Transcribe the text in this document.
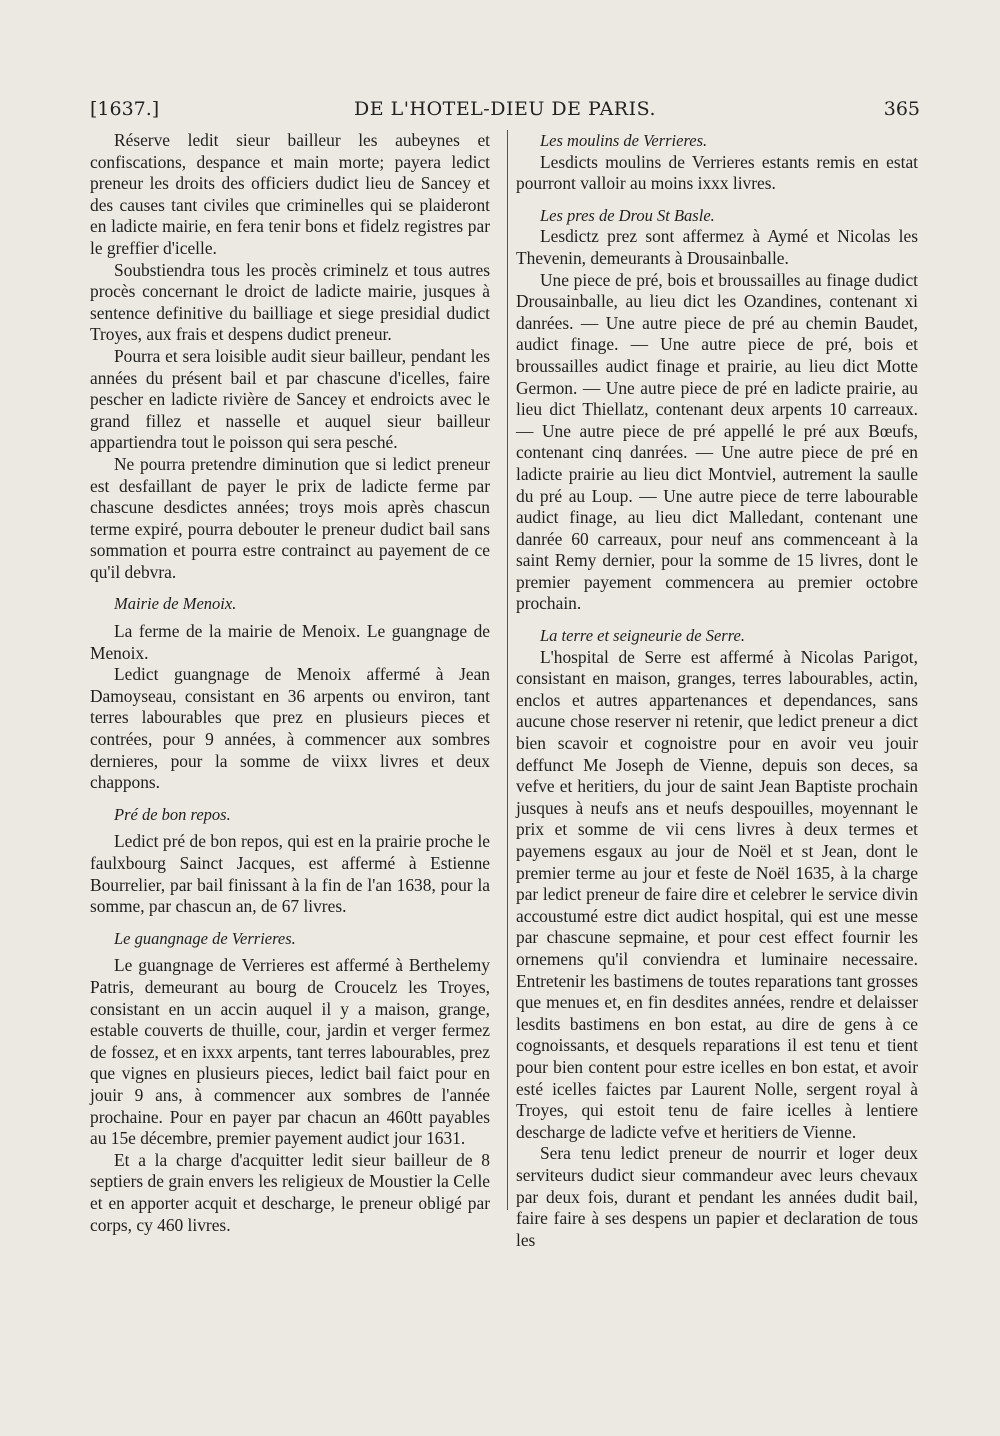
[1637.]	DE L'HOTEL-DIEU DE PARIS.	365

Réserve ledit sieur bailleur les aubeynes et confiscations, despance et main morte; payera ledict preneur les droits des officiers dudict lieu de Sancey et des causes tant civiles que criminelles qui se plaideront en ladicte mairie, en fera tenir bons et fidelz registres par le greffier d'icelle.

Soubstiendra tous les procès criminelz et tous autres procès concernant le droict de ladicte mairie, jusques à sentence definitive du bailliage et siege presidial dudict Troyes, aux frais et despens dudict preneur.

Pourra et sera loisible audit sieur bailleur, pendant les années du présent bail et par chascune d'icelles, faire pescher en ladicte rivière de Sancey et endroicts avec le grand fillez et nasselle et auquel sieur bailleur appartiendra tout le poisson qui sera pesché.

Ne pourra pretendre diminution que si ledict preneur est desfaillant de payer le prix de ladicte ferme par chascune desdictes années; troys mois après chascun terme expiré, pourra debouter le preneur dudict bail sans sommation et pourra estre contrainct au payement de ce qu'il debvra.

Mairie de Menoix.

La ferme de la mairie de Menoix. Le guangnage de Menoix.

Ledict guangnage de Menoix affermé à Jean Damoyseau, consistant en 36 arpents ou environ, tant terres labourables que prez en plusieurs pieces et contrées, pour 9 années, à commencer aux sombres dernieres, pour la somme de viixx livres et deux chappons.

Pré de bon repos.

Ledict pré de bon repos, qui est en la prairie proche le faulxbourg Sainct Jacques, est affermé à Estienne Bourrelier, par bail finissant à la fin de l'an 1638, pour la somme, par chascun an, de 67 livres.

Le guangnage de Verrieres.

Le guangnage de Verrieres est affermé à Berthelemy Patris, demeurant au bourg de Croucelz les Troyes, consistant en un accin auquel il y a maison, grange, estable couverts de thuille, cour, jardin et verger fermez de fossez, et en ixxx arpents, tant terres labourables, prez que vignes en plusieurs pieces, ledict bail faict pour en jouir 9 ans, à commencer aux sombres de l'année prochaine. Pour en payer par chacun an 460tt payables au 15e décembre, premier payement audict jour 1631.

Et a la charge d'acquitter ledit sieur bailleur de 8 septiers de grain envers les religieux de Moustier la Celle et en apporter acquit et descharge, le preneur obligé par corps, cy 460 livres.

Les moulins de Verrieres.

Lesdicts moulins de Verrieres estants remis en estat pourront valloir au moins ixxx livres.

Les pres de Drou St Basle.

Lesdictz prez sont affermez à Aymé et Nicolas les Thevenin, demeurants à Drousainballe.

Une piece de pré, bois et broussailles au finage dudict Drousainballe, au lieu dict les Ozandines, contenant xi danrées. — Une autre piece de pré au chemin Baudet, audict finage. — Une autre piece de pré, bois et broussailles audict finage et prairie, au lieu dict Motte Germon. — Une autre piece de pré en ladicte prairie, au lieu dict Thiellatz, contenant deux arpents 10 carreaux. — Une autre piece de pré appellé le pré aux Bœufs, contenant cinq danrées. — Une autre piece de pré en ladicte prairie au lieu dict Montviel, autrement la saulle du pré au Loup. — Une autre piece de terre labourable audict finage, au lieu dict Malledant, contenant une danrée 60 carreaux, pour neuf ans commenceant à la saint Remy dernier, pour la somme de 15 livres, dont le premier payement commencera au premier octobre prochain.

La terre et seigneurie de Serre.

L'hospital de Serre est affermé à Nicolas Parigot, consistant en maison, granges, terres labourables, actin, enclos et autres appartenances et dependances, sans aucune chose reserver ni retenir, que ledict preneur a dict bien scavoir et cognoistre pour en avoir veu jouir deffunct Me Joseph de Vienne, depuis son deces, sa vefve et heritiers, du jour de saint Jean Baptiste prochain jusques à neufs ans et neufs despouilles, moyennant le prix et somme de vii cens livres à deux termes et payemens esgaux au jour de Noël et st Jean, dont le premier terme au jour et feste de Noël 1635, à la charge par ledict preneur de faire dire et celebrer le service divin accoustumé estre dict audict hospital, qui est une messe par chascune sepmaine, et pour cest effect fournir les ornemens qu'il conviendra et luminaire necessaire. Entretenir les bastimens de toutes reparations tant grosses que menues et, en fin desdites années, rendre et delaisser lesdits bastimens en bon estat, au dire de gens à ce cognoissants, et desquels reparations il est tenu et tient pour bien content pour estre icelles en bon estat, et avoir esté icelles faictes par Laurent Nolle, sergent royal à Troyes, qui estoit tenu de faire icelles à lentiere descharge de ladicte vefve et heritiers de Vienne.

Sera tenu ledict preneur de nourrir et loger deux serviteurs dudict sieur commandeur avec leurs chevaux par deux fois, durant et pendant les années dudit bail, faire faire à ses despens un papier et declaration de tous les
